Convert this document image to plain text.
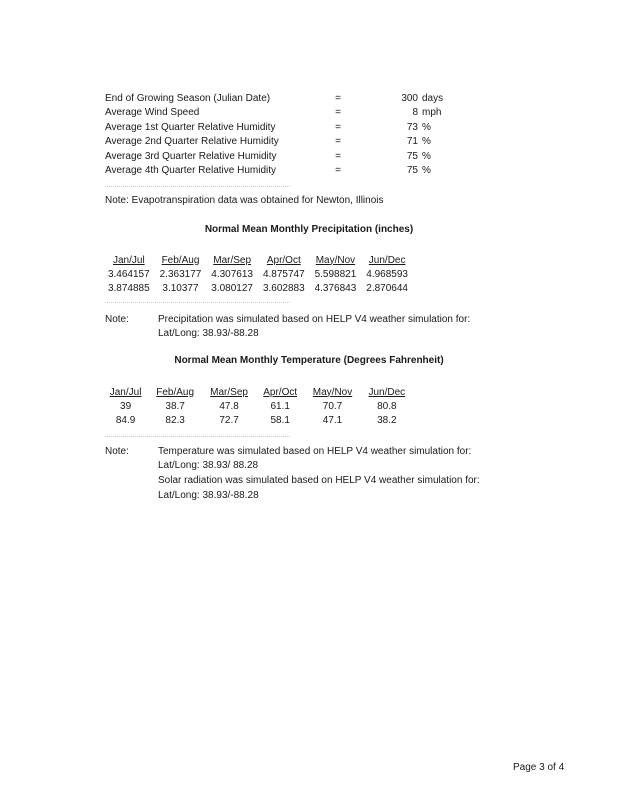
End of Growing Season (Julian Date)	=	300 days
Average Wind Speed	=	8 mph
Average 1st Quarter Relative Humidity	=	73 %
Average 2nd Quarter Relative Humidity	=	71 %
Average 3rd Quarter Relative Humidity	=	75 %
Average 4th Quarter Relative Humidity	=	75 %
Note: Evapotranspiration data was obtained for Newton, Illinois
Normal Mean Monthly Precipitation (inches)
Jan/Jul	Feb/Aug	Mar/Sep	Apr/Oct	May/Nov	Jun/Dec
3.464157	2.363177	4.307613	4.875747	5.598821	4.968593
3.874885	3.10377	3.080127	3.602883	4.376843	2.870644
Note:	Precipitation was simulated based on HELP V4 weather simulation for:
Lat/Long: 38.93/-88.28
Normal Mean Monthly Temperature (Degrees Fahrenheit)
Jan/Jul	Feb/Aug	Mar/Sep	Apr/Oct	May/Nov	Jun/Dec
39	38.7	47.8	61.1	70.7	80.8
84.9	82.3	72.7	58.1	47.1	38.2
Note:	Temperature was simulated based on HELP V4 weather simulation for:
Lat/Long: 38.93/ 88.28
Solar radiation was simulated based on HELP V4 weather simulation for:
Lat/Long: 38.93/-88.28
Page 3 of 4
